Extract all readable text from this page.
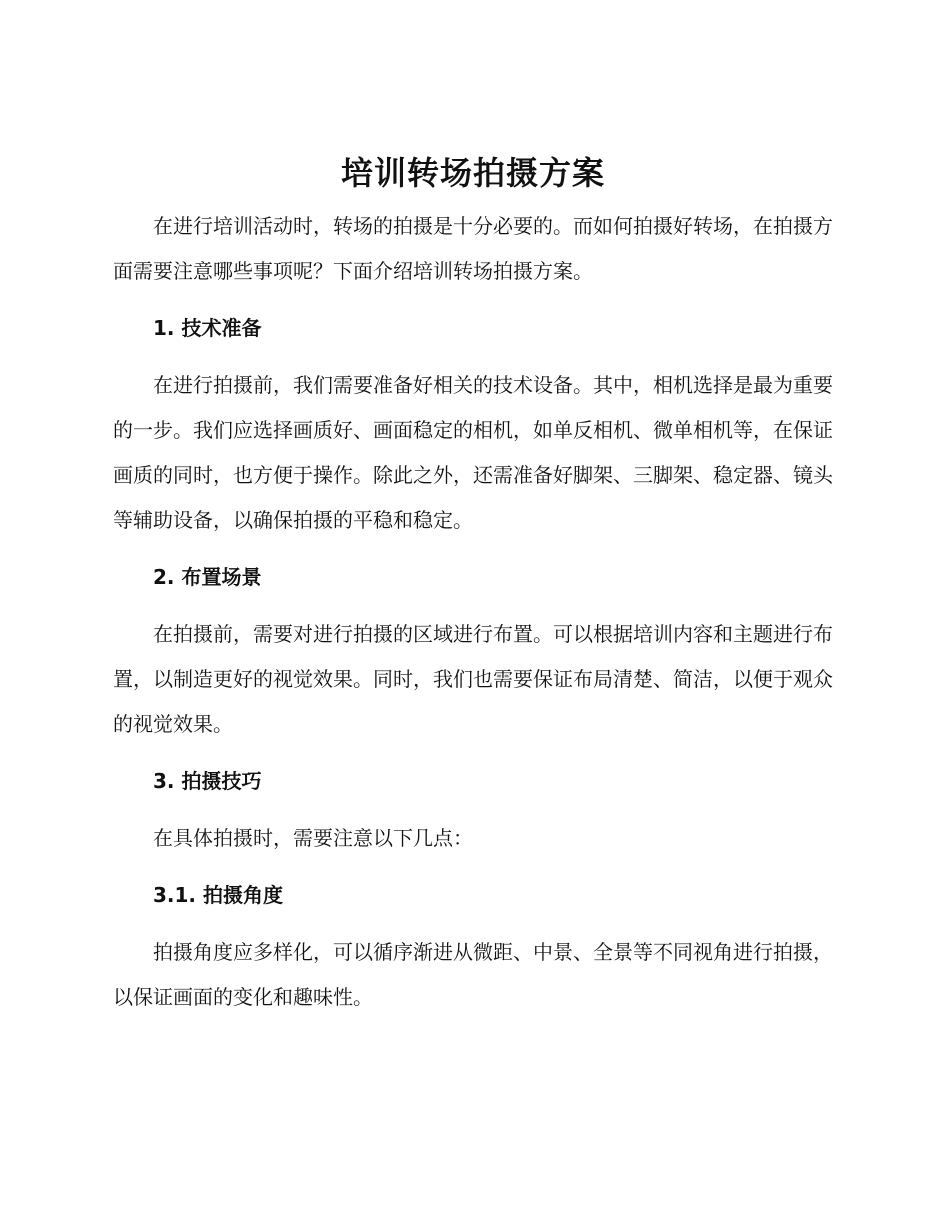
培训转场拍摄方案

在进行培训活动时，转场的拍摄是十分必要的。而如何拍摄好转场，在拍摄方面需要注意哪些事项呢？下面介绍培训转场拍摄方案。

1. 技术准备

在进行拍摄前，我们需要准备好相关的技术设备。其中，相机选择是最为重要的一步。我们应选择画质好、画面稳定的相机，如单反相机、微单相机等，在保证画质的同时，也方便于操作。除此之外，还需准备好脚架、三脚架、稳定器、镜头等辅助设备，以确保拍摄的平稳和稳定。

2. 布置场景

在拍摄前，需要对进行拍摄的区域进行布置。可以根据培训内容和主题进行布置，以制造更好的视觉效果。同时，我们也需要保证布局清楚、简洁，以便于观众的视觉效果。

3. 拍摄技巧

在具体拍摄时，需要注意以下几点：

3.1. 拍摄角度

拍摄角度应多样化，可以循序渐进从微距、中景、全景等不同视角进行拍摄，以保证画面的变化和趣味性。
